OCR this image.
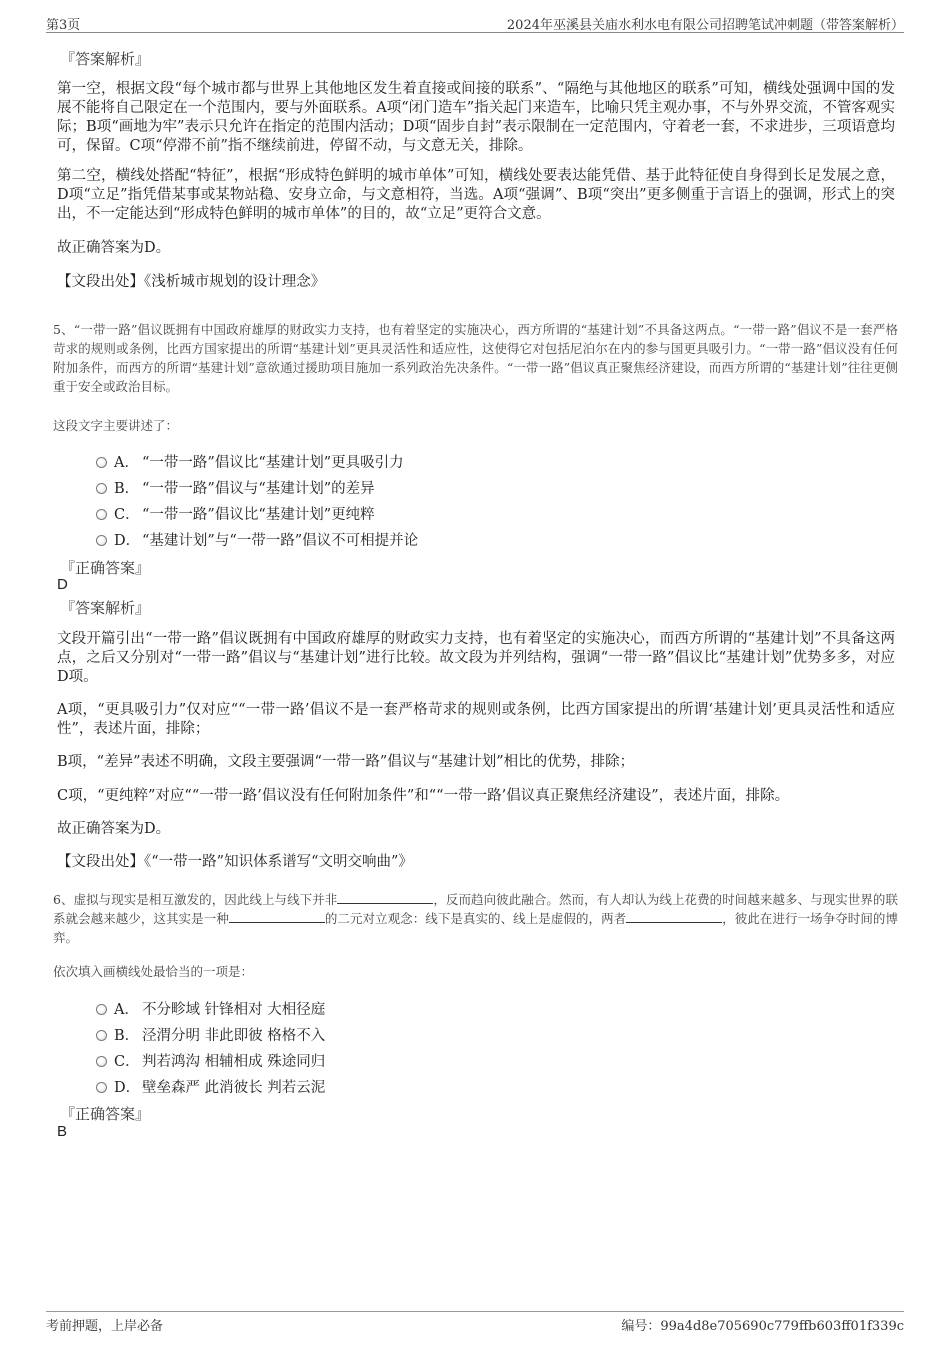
第3页	2024年巫溪县关庙水利水电有限公司招聘笔试冲刺题（带答案解析）
『答案解析』
第一空，根据文段“每个城市都与世界上其他地区发生着直接或间接的联系”、“隔绝与其他地区的联系”可知，横线处强调中国的发展不能将自己限定在一个范围内，要与外面联系。A项“闭门造车”指关起门来造车，比喻只凭主观办事，不与外界交流，不管客观实际；B项“画地为牢”表示只允许在指定的范围内活动；D项“固步自封”表示限制在一定范围内，守着老一套，不求进步，三项语意均可，保留。C项“停滞不前”指不继续前进，停留不动，与文意无关，排除。
第二空，横线处搭配“特征”，根据“形成特色鲜明的城市单体”可知，横线处要表达能凭借、基于此特征使自身得到长足发展之意，D项“立足”指凭借某事或某物站稳、安身立命，与文意相符，当选。A项“强调”、B项“突出”更多侧重于言语上的强调，形式上的突出，不一定能达到“形成特色鲜明的城市单体”的目的，故“立足”更符合文意。
故正确答案为D。
【文段出处】《浅析城市规划的设计理念》
5、“一带一路”倡议既拥有中国政府雄厚的财政实力支持，也有着坚定的实施决心，西方所谓的“基建计划”不具备这两点。“一带一路”倡议不是一套严格苛求的规则或条例，比西方国家提出的所谓“基建计划”更具灵活性和适应性，这使得它对包括尼泊尔在内的参与国更具吸引力。“一带一路”倡议没有任何附加条件，而西方的所谓“基建计划”意欲通过援助项目施加一系列政治先决条件。“一带一路”倡议真正聚焦经济建设，而西方所谓的“基建计划”往往更侧重于安全或政治目标。
这段文字主要讲述了：
A． “一带一路”倡议比“基建计划”更具吸引力
B． “一带一路”倡议与“基建计划”的差异
C． “一带一路”倡议比“基建计划”更纯粹
D． “基建计划”与“一带一路”倡议不可相提并论
『正确答案』
D
『答案解析』
文段开篇引出“一带一路”倡议既拥有中国政府雄厚的财政实力支持，也有着坚定的实施决心，而西方所谓的“基建计划”不具备这两点，之后又分别对“一带一路”倡议与“基建计划”进行比较。故文段为并列结构，强调“一带一路”倡议比“基建计划”优势多多，对应D项。
A项，“更具吸引力”仅对应““一带一路’倡议不是一套严格苛求的规则或条例，比西方国家提出的所谓‘基建计划’更具灵活性和适应性”，表述片面，排除；
B项，“差异”表述不明确，文段主要强调“一带一路”倡议与“基建计划”相比的优势，排除；
C项，“更纯粹”对应““一带一路’倡议没有任何附加条件”和““一带一路’倡议真正聚焦经济建设”，表述片面，排除。
故正确答案为D。
【文段出处】《“一带一路”知识体系谱写“文明交响曲”》
6、虚拟与现实是相互激发的，因此线上与线下并非	，反而趋向彼此融合。然而，有人却认为线上花费的时间越来越多、与现实世界的联系就会越来越少，这其实是一种	的二元对立观念：线下是真实的、线上是虚假的，两者	，彼此在进行一场争夺时间的博弈。
依次填入画横线处最恰当的一项是：
A． 不分畛域 针锋相对 大相径庭
B． 泾渭分明 非此即彼 格格不入
C． 判若鸿沟 相辅相成 殊途同归
D． 壁垒森严 此消彼长 判若云泥
『正确答案』
B
考前押题，上岸必备	编号：99a4d8e705690c779ffb603ff01f339c
